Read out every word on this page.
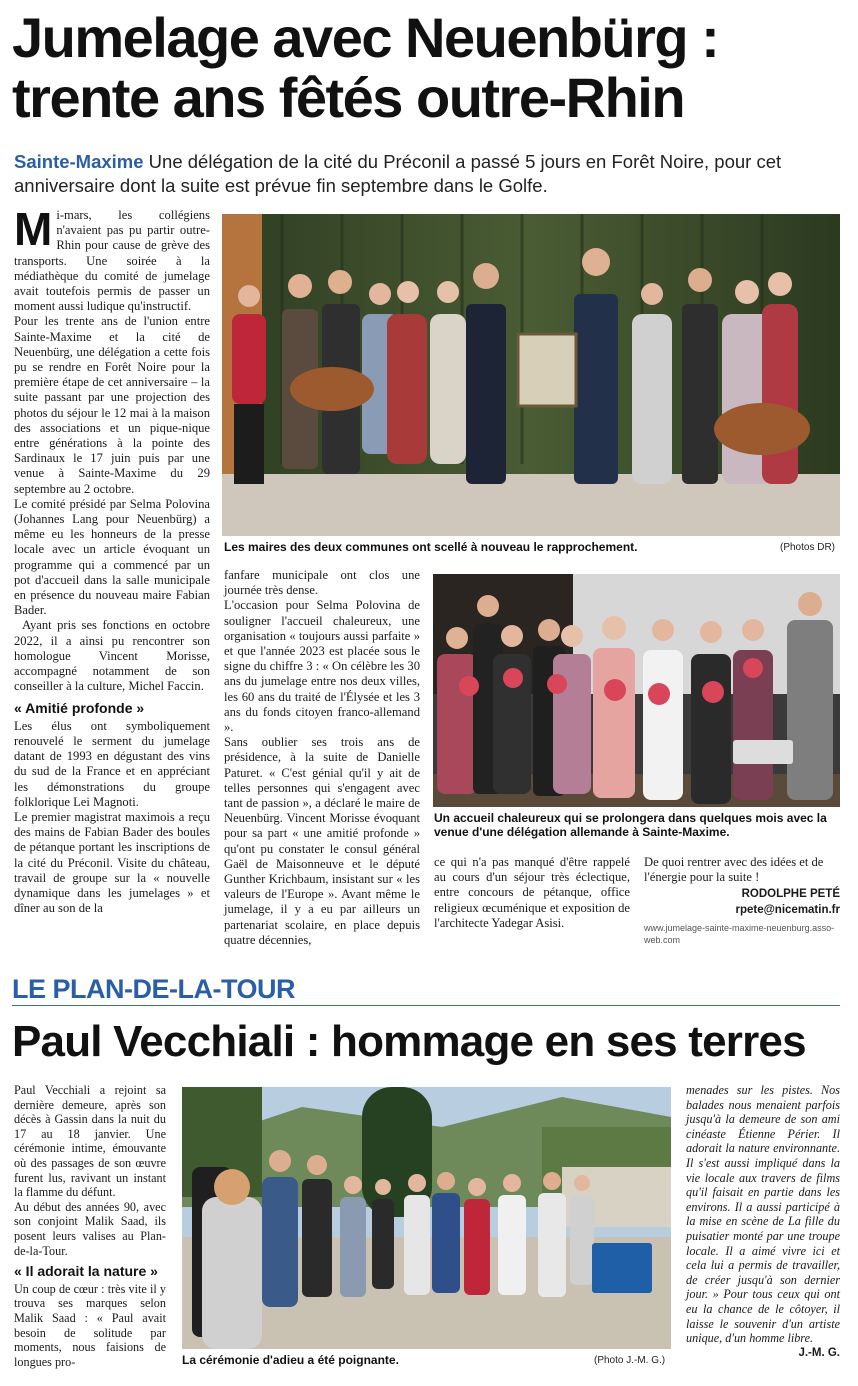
Jumelage avec Neuenbürg :
trente ans fêtés outre-Rhin
Sainte-Maxime Une délégation de la cité du Préconil a passé 5 jours en Forêt Noire, pour cet anniversaire dont la suite est prévue fin septembre dans le Golfe.
M i-mars, les collégiens n'avaient pas pu partir outre-Rhin pour cause de grève des transports. Une soirée à la médiathèque du comité de jumelage avait toutefois permis de passer un moment aussi ludique qu'instructif.

Pour les trente ans de l'union entre Sainte-Maxime et la cité de Neuenbürg, une délégation a cette fois pu se rendre en Forêt Noire pour la première étape de cet anniversaire – la suite passant par une projection des photos du séjour le 12 mai à la maison des associations et un pique-nique entre générations à la pointe des Sardinaux le 17 juin puis par une venue à Sainte-Maxime du 29 septembre au 2 octobre.

Le comité présidé par Selma Polovina (Johannes Lang pour Neuenbürg) a même eu les honneurs de la presse locale avec un article évoquant un programme qui a commencé par un pot d'accueil dans la salle municipale en présence du nouveau maire Fabian Bader.

Ayant pris ses fonctions en octobre 2022, il a ainsi pu rencontrer son homologue Vincent Morisse, accompagné notamment de son conseiller à la culture, Michel Faccin.

« Amitié profonde »

Les élus ont symboliquement renouvelé le serment du jumelage datant de 1993 en dégustant des vins du sud de la France et en appréciant les démonstrations du groupe folklorique Lei Magnoti.

Le premier magistrat maximois a reçu des mains de Fabian Bader des boules de pétanque portant les inscriptions de la cité du Préconil. Visite du château, travail de groupe sur la « nouvelle dynamique dans les jumelages » et dîner au son de la

Les maires des deux communes ont scellé à nouveau le rapprochement.	(Photos DR)

fanfare municipale ont clos une journée très dense.

L'occasion pour Selma Polovina de souligner l'accueil chaleureux, une organisation « toujours aussi parfaite » et que l'année 2023 est placée sous le signe du chiffre 3 : « On célèbre les 30 ans du jumelage entre nos deux villes, les 60 ans du traité de l'Élysée et les 3 ans du fonds citoyen franco-allemand ».

Sans oublier ses trois ans de présidence, à la suite de Danielle Paturet. « C'est génial qu'il y ait de telles personnes qui s'engagent avec tant de passion », a déclaré le maire de Neuenbürg. Vincent Morisse évoquant pour sa part « une amitié profonde » qu'ont pu constater le consul général Gaël de Maisonneuve et le député Gunther Krichbaum, insistant sur « les valeurs de l'Europe ». Avant même le jumelage, il y a eu par ailleurs un partenariat scolaire, en place depuis quatre décennies,

Un accueil chaleureux qui se prolongera dans quelques mois avec la venue d'une délégation allemande à Sainte-Maxime.

ce qui n'a pas manqué d'être rappelé au cours d'un séjour très éclectique, entre concours de pétanque, office religieux œcuménique et exposition de l'architecte Yadegar Asisi.

De quoi rentrer avec des idées et de l'énergie pour la suite !

RODOLPHE PETÉ
rpete@nicematin.fr
www.jumelage-sainte-maxime-neuenburg.asso-web.com
LE PLAN-DE-LA-TOUR
Paul Vecchiali : hommage en ses terres

Paul Vecchiali a rejoint sa dernière demeure, après son décès à Gassin dans la nuit du 17 au 18 janvier. Une cérémonie intime, émouvante où des passages de son œuvre furent lus, ravivant un instant la flamme du défunt.

Au début des années 90, avec son conjoint Malik Saad, ils posent leurs valises au Plan-de-la-Tour.

« Il adorait la nature »

Un coup de cœur : très vite il y trouva ses marques selon Malik Saad : « Paul avait besoin de solitude par moments, nous faisions de longues pro-	La cérémonie d'adieu a été poignante.	(Photo J.-M. G.)

menades sur les pistes. Nos balades nous menaient parfois jusqu'à la demeure de son ami cinéaste Étienne Périer. Il adorait la nature environnante. Il s'est aussi impliqué dans la vie locale aux travers de films qu'il faisait en partie dans les environs. Il a aussi participé à la mise en scène de La fille du puisatier monté par une troupe locale. Il a aimé vivre ici et cela lui a permis de travailler, de créer jusqu'à son dernier jour. » Pour tous ceux qui ont eu la chance de le côtoyer, il laisse le souvenir d'un artiste unique, d'un homme libre.

J.-M. G.
